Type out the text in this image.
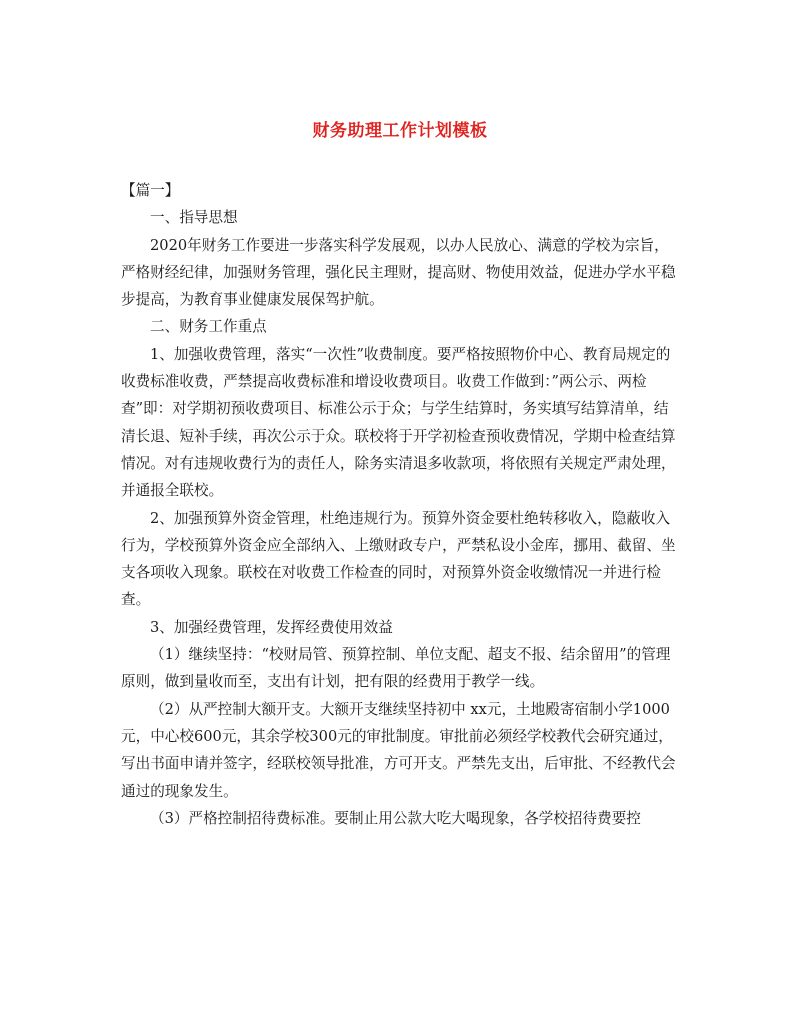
财务助理工作计划模板

【篇一】

一、指导思想

2020年财务工作要进一步落实科学发展观，以办人民放心、满意的学校为宗旨，严格财经纪律，加强财务管理，强化民主理财，提高财、物使用效益，促进办学水平稳步提高，为教育事业健康发展保驾护航。

二、财务工作重点

1、加强收费管理，落实“一次性”收费制度。要严格按照物价中心、教育局规定的收费标准收费，严禁提高收费标准和增设收费项目。收费工作做到：”两公示、两检查”即：对学期初预收费项目、标准公示于众；与学生结算时，务实填写结算清单，结清长退、短补手续，再次公示于众。联校将于开学初检查预收费情况，学期中检查结算情况。对有违规收费行为的责任人，除务实清退多收款项，将依照有关规定严肃处理，并通报全联校。

2、加强预算外资金管理，杜绝违规行为。预算外资金要杜绝转移收入，隐蔽收入行为，学校预算外资金应全部纳入、上缴财政专户，严禁私设小金库，挪用、截留、坐支各项收入现象。联校在对收费工作检查的同时，对预算外资金收缴情况一并进行检查。

3、加强经费管理，发挥经费使用效益

（1）继续坚持：“校财局管、预算控制、单位支配、超支不报、结余留用”的管理原则，做到量收而至，支出有计划，把有限的经费用于教学一线。

（2）从严控制大额开支。大额开支继续坚持初中 xx元，土地殿寄宿制小学1000元，中心校600元，其余学校300元的审批制度。审批前必须经学校教代会研究通过，写出书面申请并签字，经联校领导批准，方可开支。严禁先支出，后审批、不经教代会通过的现象发生。

（3）严格控制招待费标准。要制止用公款大吃大喝现象，各学校招待费要控
